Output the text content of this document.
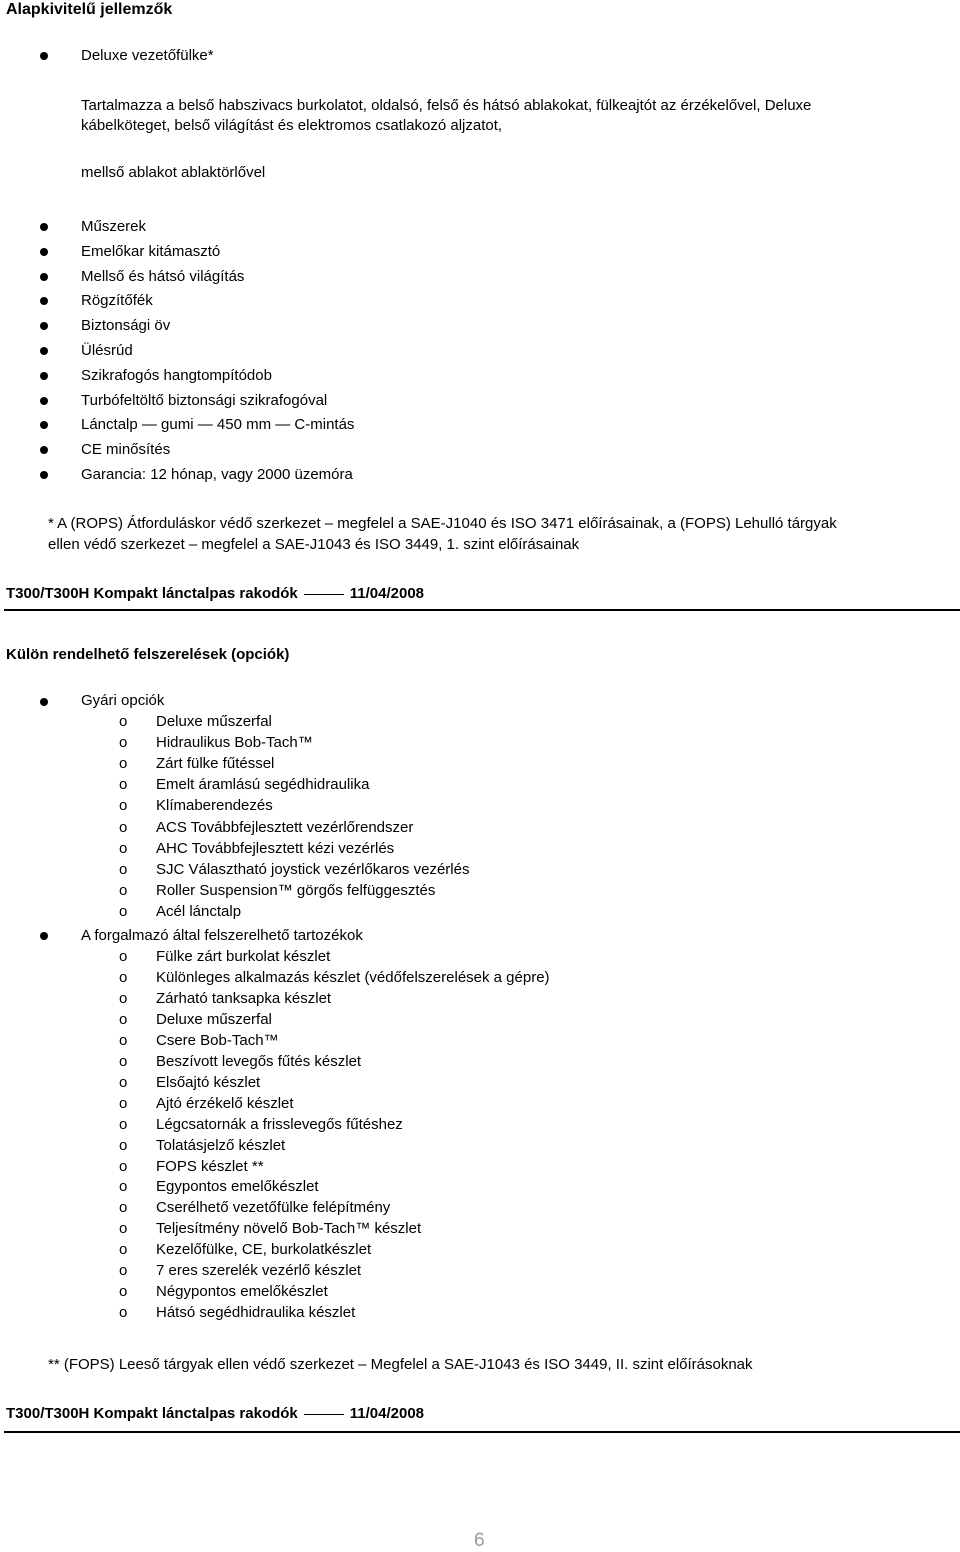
Alapkivitelű jellemzők
Deluxe vezetőfülke*
Tartalmazza a belső habszivacs burkolatot, oldalsó, felső és hátsó ablakokat, fülkeajtót az érzékelővel, Deluxe
kábelköteget, belső világítást és elektromos csatlakozó aljzatot,
mellső ablakot ablaktörlővel
Műszerek
Emelőkar kitámasztó
Mellső és hátsó világítás
Rögzítőfék
Biztonsági öv
Ülésrúd
Szikrafogós hangtompítódob
Turbófeltöltő biztonsági szikrafogóval
Lánctalp — gumi — 450 mm — C-mintás
CE minősítés
Garancia: 12 hónap, vagy 2000 üzemóra
* A (ROPS) Átforduláskor védő szerkezet – megfelel a SAE-J1040 és ISO 3471 előírásainak, a (FOPS) Lehulló tárgyak
ellen védő szerkezet – megfelel a SAE-J1043 és ISO 3449, 1. szint előírásainak
T300/T300H Kompakt lánctalpas rakodók	11/04/2008
Külön rendelhető felszerelések (opciók)
Gyári opciók
o Deluxe műszerfal
o Hidraulikus Bob-Tach™
o Zárt fülke fűtéssel
o Emelt áramlású segédhidraulika
o Klímaberendezés
o ACS Továbbfejlesztett vezérlőrendszer
o AHC Továbbfejlesztett kézi vezérlés
o SJC Választható joystick vezérlőkaros vezérlés
o Roller Suspension™ görgős felfüggesztés
o Acél lánctalp
A forgalmazó által felszerelhető tartozékok
o Fülke zárt burkolat készlet
o Különleges alkalmazás készlet (védőfelszerelések a gépre)
o Zárható tanksapka készlet
o Deluxe műszerfal
o Csere Bob-Tach™
o Beszívott levegős fűtés készlet
o Elsőajtó készlet
o Ajtó érzékelő készlet
o Légcsatornák a frisslevegős fűtéshez
o Tolatásjelző készlet
o FOPS készlet **
o Egypontos emelőkészlet
o Cserélhető vezetőfülke felépítmény
o Teljesítmény növelő Bob-Tach™ készlet
o Kezelőfülke, CE, burkolatkészlet
o 7 eres szerelék vezérlő készlet
o Négypontos emelőkészlet
o Hátsó segédhidraulika készlet
** (FOPS) Leeső tárgyak ellen védő szerkezet – Megfelel a SAE-J1043 és ISO 3449, II. szint előírásoknak
T300/T300H Kompakt lánctalpas rakodók	11/04/2008
6
